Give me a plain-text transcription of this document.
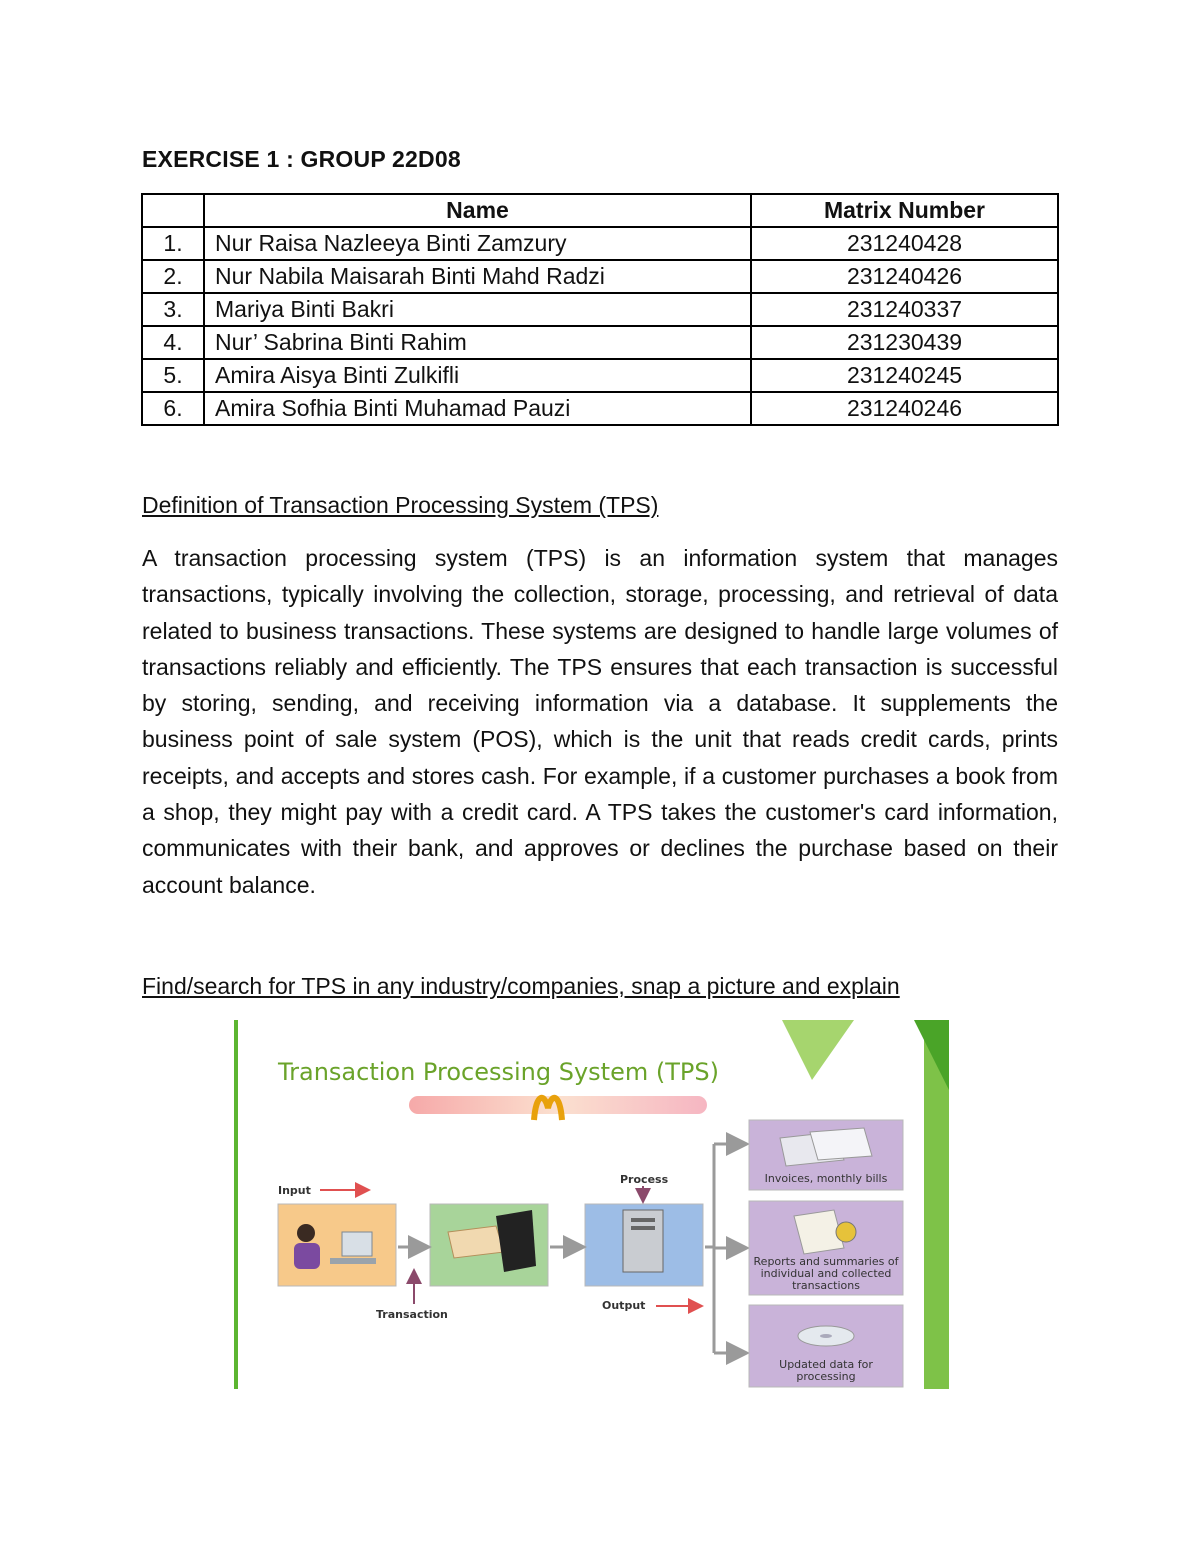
EXERCISE 1 : GROUP 22D08
	Name	Matrix Number
1.	Nur Raisa Nazleeya Binti Zamzury	231240428
2.	Nur Nabila Maisarah Binti Mahd Radzi	231240426
3.	Mariya Binti Bakri	231240337
4.	Nur’ Sabrina Binti Rahim	231230439
5.	Amira Aisya Binti Zulkifli	231240245
6.	Amira Sofhia Binti Muhamad Pauzi	231240246
Definition of Transaction Processing System (TPS)
A transaction processing system (TPS) is an information system that manages transactions, typically involving the collection, storage, processing, and retrieval of data related to business transactions. These systems are designed to handle large volumes of transactions reliably and efficiently. The TPS ensures that each transaction is successful by storing, sending, and receiving information via a database. It supplements the business point of sale system (POS), which is the unit that reads credit cards, prints receipts, and accepts and stores cash. For example, if a customer purchases a book from a shop, they might pay with a credit card. A TPS takes the customer's card information, communicates with their bank, and approves or declines the purchase based on their account balance.
Find/search for TPS in any industry/companies, snap a picture and explain
Transaction Processing System (TPS)
Input
Process
Transaction
Output
Invoices, monthly bills
Reports and summaries of individual and collected transactions
Updated data for processing
